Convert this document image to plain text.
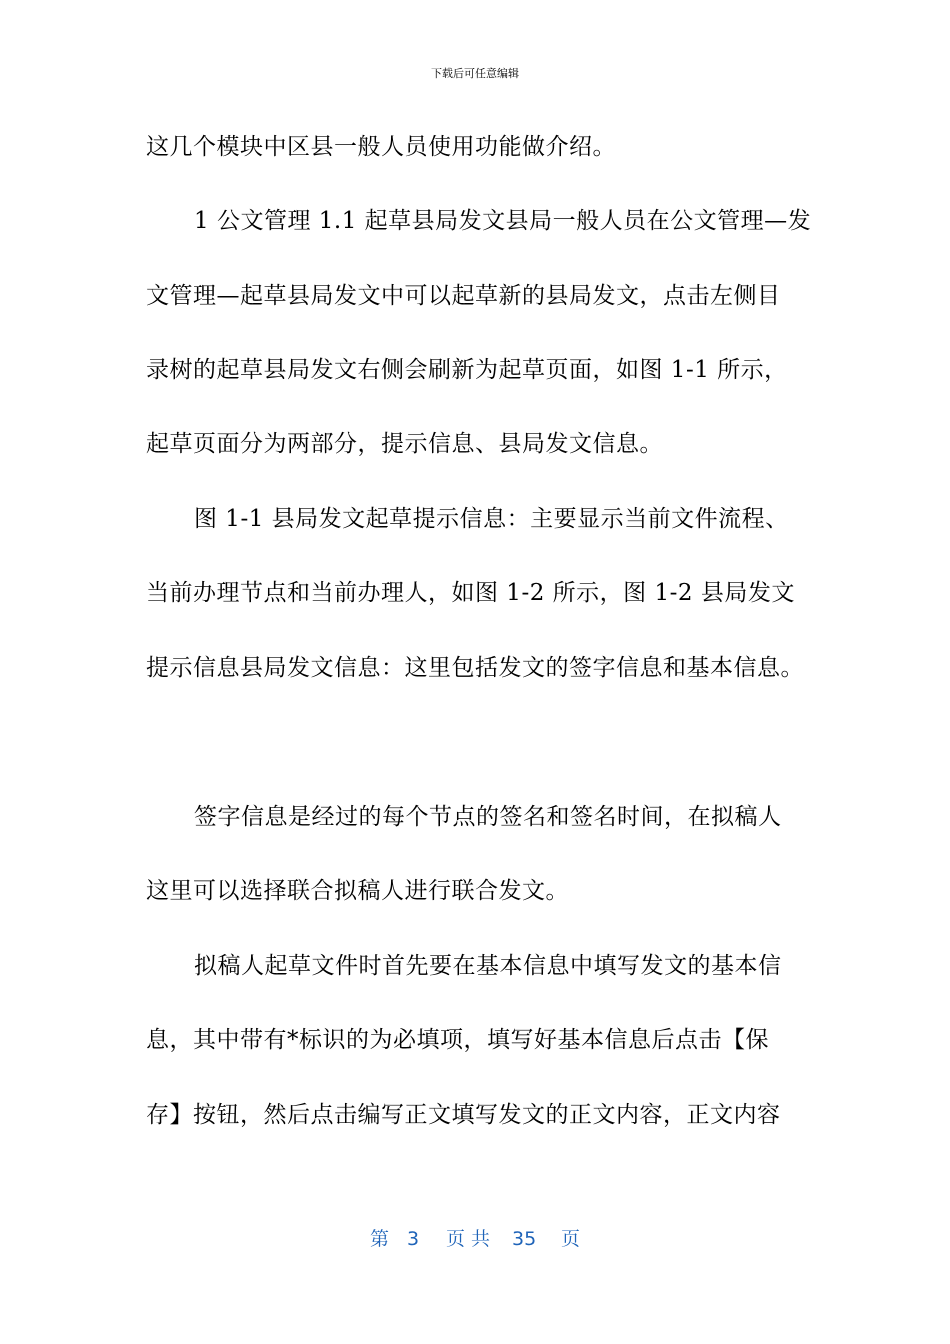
下载后可任意编辑
这几个模块中区县一般人员使用功能做介绍。
1 公文管理 1.1 起草县局发文县局一般人员在公文管理—发
文管理—起草县局发文中可以起草新的县局发文，点击左侧目
录树的起草县局发文右侧会刷新为起草页面，如图 1-1 所示，
起草页面分为两部分，提示信息、县局发文信息。
图 1-1 县局发文起草提示信息：主要显示当前文件流程、
当前办理节点和当前办理人，如图 1-2 所示，图 1-2 县局发文
提示信息县局发文信息：这里包括发文的签字信息和基本信息。
签字信息是经过的每个节点的签名和签名时间，在拟稿人
这里可以选择联合拟稿人进行联合发文。
拟稿人起草文件时首先要在基本信息中填写发文的基本信
息，其中带有*标识的为必填项，填写好基本信息后点击【保
存】按钮，然后点击编写正文填写发文的正文内容，正文内容
第 3 页 共 35 页
